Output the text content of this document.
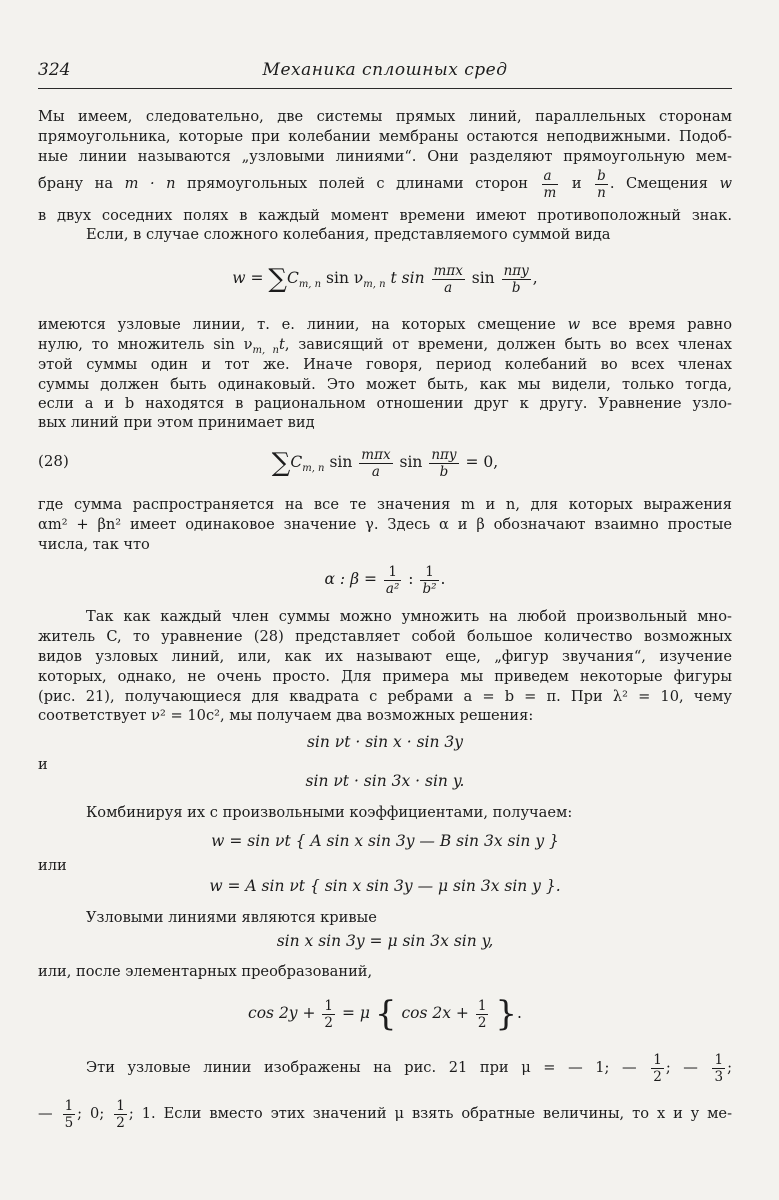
324	Механика сплошных сред
Мы имеем, следовательно, две системы прямых линий, параллельных сторонам
прямоугольника, которые при колебании мембраны остаются неподвижными. Подоб-
ные линии называются „узловыми линиями“. Они разделяют прямоугольную мем-
брану на m · n прямоугольных полей с длинами сторон $\frac{a}{m}$ и $\frac{b}{n}$ . Смещения w
в двух соседних полях в каждый момент времени имеют противоположный знак.
Если, в случае сложного колебания, представляемого суммой вида
$w = \sum C_{m, n}$ $\sin \nu_{m, n}$ t $\sin \frac{\text{mπx}}{a}$ $\sin \frac{\text{nπy}}{b}$ ,
имеются узловые линии, т. е. линии, на которых смещение w все время равно
нулю, то множитель $\sin \nu_{m, n}t$, зависящий от времени, должен быть во всех членах
этой суммы один и тот же. Иначе говоря, период колебаний во всех членах
суммы должен быть одинаковый. Это может быть, как мы видели, только тогда,
если a и b находятся в рациональном отношении друг к другу. Уравнение узло-
вых линий при этом принимает вид
(28)	$\sum C_{m, n}$ $\sin \frac{\text{mπx}}{a}$ $\sin \frac{\text{nπy}}{b} = 0$,
где сумма распространяется на все те значения m и n, для которых выражения
αm² + βn² имеет одинаковое значение γ. Здесь α и β обозначают взаимно простые
числа, так что
α : $\beta = \frac{1}{\text{a²}}$ : $\frac{1}{\text{b²}}$ .
Так как каждый член суммы можно умножить на любой произвольный мно-
житель C, то уравнение (28) представляет собой большое количество возможных
видов узловых линий, или, как их называют еще, „фигур звучания“, изучение
которых, однако, не очень просто. Для примера мы приведем некоторые фигуры
(рис. 21), получающиеся для квадрата с ребрами a = b = π. При λ² = 10, чему
соответствует ν² = 10c², мы получаем два возможных решения:
sin νt · sin x · sin 3y
и
sin νt · sin 3x · sin y.
Комбинируя их с произвольными коэффициентами, получаем:
w = sin νt { A sin x sin 3y — B sin 3x sin y }
или
w = A sin νt { sin x sin 3y — μ sin 3x sin y }.
Узловыми линиями являются кривые
sin x sin 3y = μ sin 3x sin y,
или, после элементарных преобразований,
$\cos 2y + \frac{1}{2} = \mu$ { $\cos 2x + \frac{1}{2}$ }.
Эти узловые линии изображены на рис. 21 при μ = — 1; — $\frac{1}{2}$ ; — $\frac{1}{3}$ ;
— $\frac{1}{5}$ ; 0; $\frac{1}{2}$ ; 1. Если вместо этих значений μ взять обратные величины, то x и y ме-
